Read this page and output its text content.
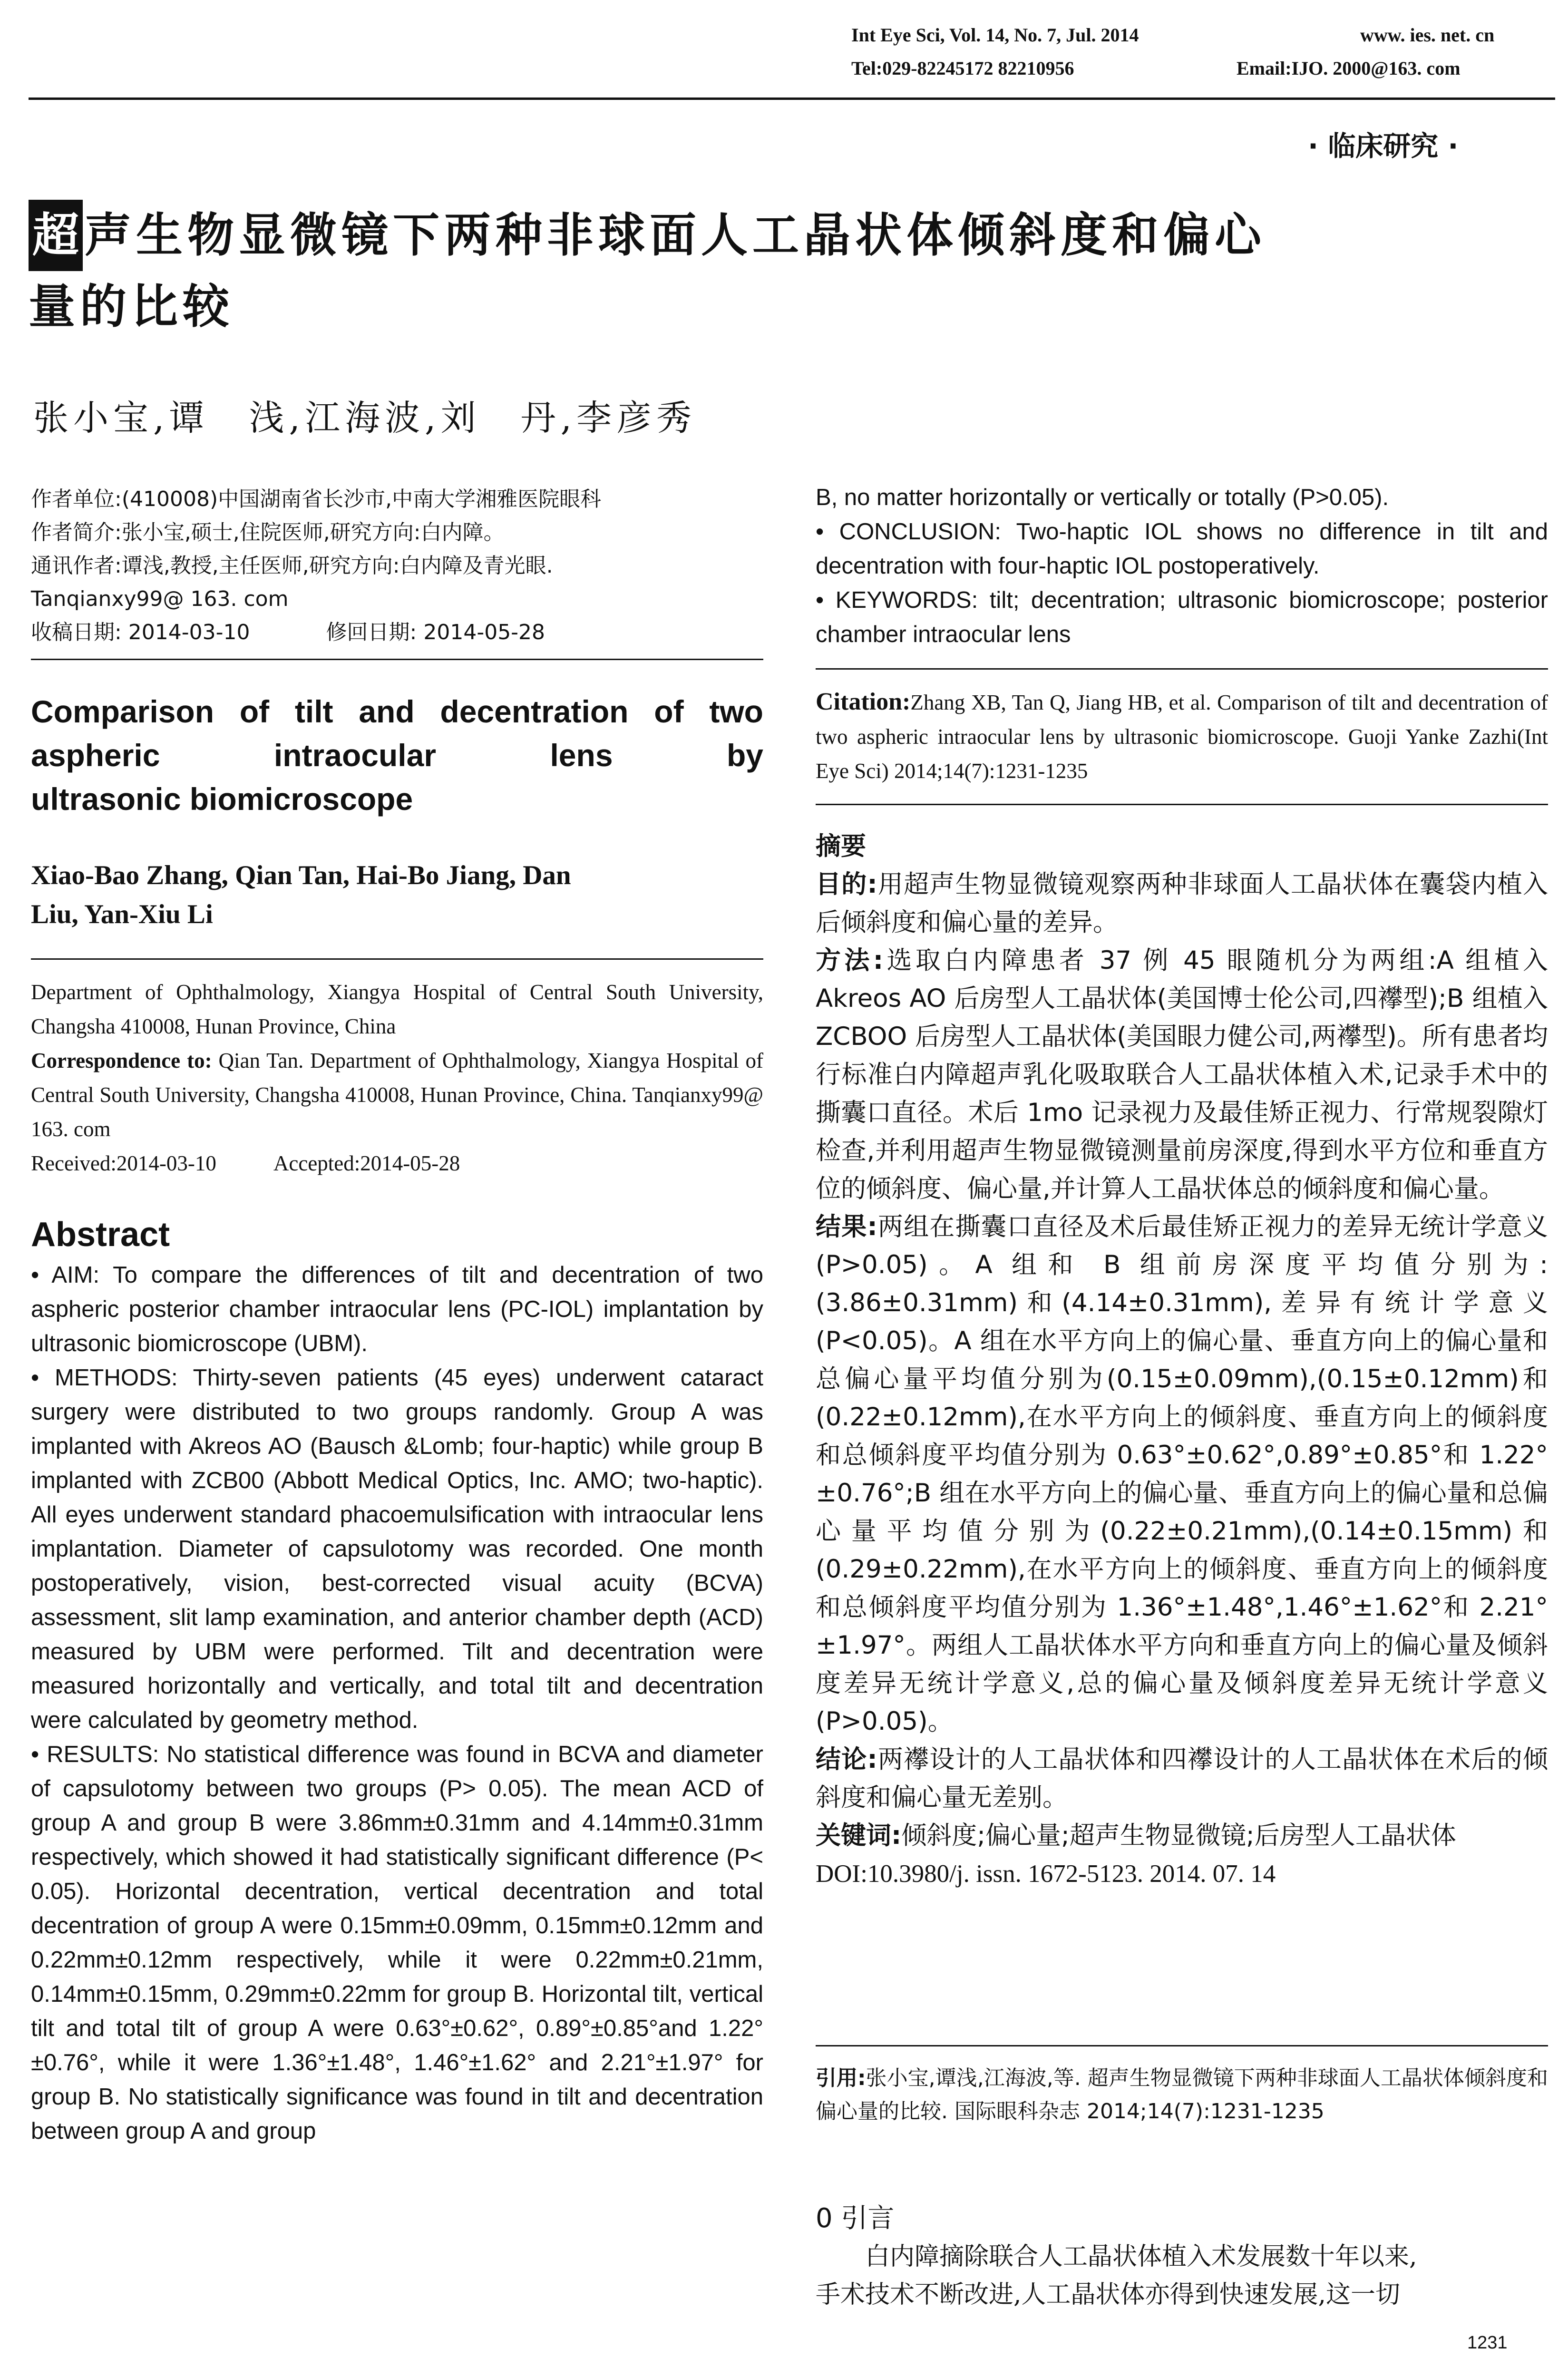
Int Eye Sci, Vol. 14, No. 7, Jul. 2014	www. ies. net. cn
Tel:029-82245172 82210956	Email:IJO. 2000@163. com
· 临床研究 ·
超 声生物显微镜下两种非球面人工晶状体倾斜度和偏心
量的比较
张小宝,谭　浅,江海波,刘　丹,李彦秀
作者单位:(410008)中国湖南省长沙市,中南大学湘雅医院眼科
作者简介:张小宝,硕士,住院医师,研究方向:白内障。
通讯作者:谭浅,教授,主任医师,研究方向:白内障及青光眼.
Tanqianxy99@ 163. com
收稿日期: 2014-03-10	修回日期: 2014-05-28
Comparison of tilt and decentration of two
aspheric intraocular lens by
ultrasonic biomicroscope
Xiao-Bao Zhang, Qian Tan, Hai-Bo Jiang, Dan
Liu, Yan-Xiu Li

Department of Ophthalmology, Xiangya Hospital of Central South University, Changsha 410008, Hunan Province, China

Correspondence to: Qian Tan. Department of Ophthalmology, Xiangya Hospital of Central South University, Changsha 410008, Hunan Province, China. Tanqianxy99@ 163. com

Received:2014-03-10	Accepted:2014-05-28

Abstract

• AIM: To compare the differences of tilt and decentration of two aspheric posterior chamber intraocular lens (PC-IOL) implantation by ultrasonic biomicroscope (UBM).

• METHODS: Thirty-seven patients (45 eyes) underwent cataract surgery were distributed to two groups randomly. Group A was implanted with Akreos AO (Bausch &Lomb; four-haptic) while group B implanted with ZCB00 (Abbott Medical Optics, Inc. AMO; two-haptic). All eyes underwent standard phacoemulsification with intraocular lens implantation. Diameter of capsulotomy was recorded. One month postoperatively, vision, best-corrected visual acuity (BCVA) assessment, slit lamp examination, and anterior chamber depth (ACD) measured by UBM were performed. Tilt and decentration were measured horizontally and vertically, and total tilt and decentration were calculated by geometry method.

• RESULTS: No statistical difference was found in BCVA and diameter of capsulotomy between two groups (P> 0.05). The mean ACD of group A and group B were 3.86mm±0.31mm and 4.14mm±0.31mm respectively, which showed it had statistically significant difference (P< 0.05). Horizontal decentration, vertical decentration and total decentration of group A were 0.15mm±0.09mm, 0.15mm±0.12mm and 0.22mm±0.12mm respectively, while it were 0.22mm±0.21mm, 0.14mm±0.15mm, 0.29mm±0.22mm for group B. Horizontal tilt, vertical tilt and total tilt of group A were 0.63°±0.62°, 0.89°±0.85°and 1.22°±0.76°, while it were 1.36°±1.48°, 1.46°±1.62° and 2.21°±1.97° for group B. No statistically significance was found in tilt and decentration between group A and group

B, no matter horizontally or vertically or totally (P>0.05).

• CONCLUSION: Two-haptic IOL shows no difference in tilt and decentration with four-haptic IOL postoperatively.

• KEYWORDS: tilt; decentration; ultrasonic biomicroscope; posterior chamber intraocular lens

Citation:Zhang XB, Tan Q, Jiang HB, et al. Comparison of tilt and decentration of two aspheric intraocular lens by ultrasonic biomicroscope. Guoji Yanke Zazhi(Int Eye Sci) 2014;14(7):1231-1235

摘要

目的:用超声生物显微镜观察两种非球面人工晶状体在囊袋内植入后倾斜度和偏心量的差异。

方法:选取白内障患者 37 例 45 眼随机分为两组:A 组植入 Akreos AO 后房型人工晶状体(美国博士伦公司,四襻型);B 组植入 ZCBOO 后房型人工晶状体(美国眼力健公司,两襻型)。所有患者均行标准白内障超声乳化吸取联合人工晶状体植入术,记录手术中的撕囊口直径。术后 1mo 记录视力及最佳矫正视力、行常规裂隙灯检查,并利用超声生物显微镜测量前房深度,得到水平方位和垂直方位的倾斜度、偏心量,并计算人工晶状体总的倾斜度和偏心量。

结果:两组在撕囊口直径及术后最佳矫正视力的差异无统计学意义(P>0.05)。A 组和 B 组前房深度平均值分别为:(3.86±0.31mm)和(4.14±0.31mm),差异有统计学意义(P<0.05)。A 组在水平方向上的偏心量、垂直方向上的偏心量和总偏心量平均值分别为(0.15±0.09mm),(0.15±0.12mm)和(0.22±0.12mm),在水平方向上的倾斜度、垂直方向上的倾斜度和总倾斜度平均值分别为 0.63°±0.62°,0.89°±0.85°和 1.22°±0.76°;B 组在水平方向上的偏心量、垂直方向上的偏心量和总偏心量平均值分别为(0.22±0.21mm),(0.14±0.15mm)和(0.29±0.22mm),在水平方向上的倾斜度、垂直方向上的倾斜度和总倾斜度平均值分别为 1.36°±1.48°,1.46°±1.62°和 2.21°±1.97°。两组人工晶状体水平方向和垂直方向上的偏心量及倾斜度差异无统计学意义,总的偏心量及倾斜度差异无统计学意义(P>0.05)。

结论:两襻设计的人工晶状体和四襻设计的人工晶状体在术后的倾斜度和偏心量无差别。

关键词:倾斜度;偏心量;超声生物显微镜;后房型人工晶状体

DOI:10.3980/j. issn. 1672-5123. 2014. 07. 14

引用:张小宝,谭浅,江海波,等. 超声生物显微镜下两种非球面人工晶状体倾斜度和偏心量的比较. 国际眼科杂志 2014;14(7):1231-1235
0 引言
　　白内障摘除联合人工晶状体植入术发展数十年以来,
手术技术不断改进,人工晶状体亦得到快速发展,这一切
1231
